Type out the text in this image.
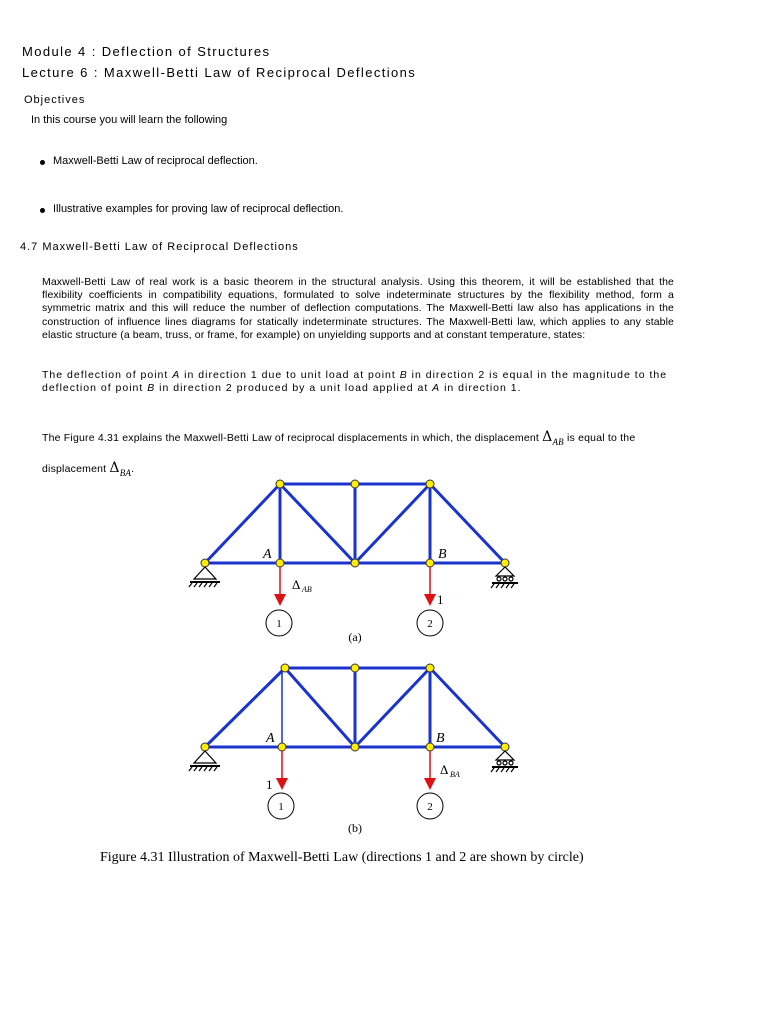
Module 4 : Deflection of Structures
Lecture 6 : Maxwell-Betti Law of Reciprocal Deflections
Objectives
In this course you will learn the following
Maxwell-Betti Law of reciprocal deflection.
Illustrative examples for proving law of reciprocal deflection.
4.7 Maxwell-Betti Law of Reciprocal Deflections
Maxwell-Betti Law of real work is a basic theorem in the structural analysis. Using this theorem, it will be established that the flexibility coefficients in compatibility equations, formulated to solve indeterminate structures by the flexibility method, form a symmetric matrix and this will reduce the number of deflection computations. The Maxwell-Betti law also has applications in the construction of influence lines diagrams for statically indeterminate structures. The Maxwell-Betti law, which applies to any stable elastic structure (a beam, truss, or frame, for example) on unyielding supports and at constant temperature, states:
The deflection of point A in direction 1 due to unit load at point B in direction 2 is equal in the magnitude to the deflection of point B in direction 2 produced by a unit load applied at A in direction 1.
The Figure 4.31 explains the Maxwell-Betti Law of reciprocal displacements in which, the displacement ΔAB is equal to the displacement ΔBA.
A	B
Δ AB
1
1	2
(a)
A	B
1
Δ BA
1	2
(b)
Figure 4.31 Illustration of Maxwell-Betti Law (directions 1 and 2 are shown by circle)
